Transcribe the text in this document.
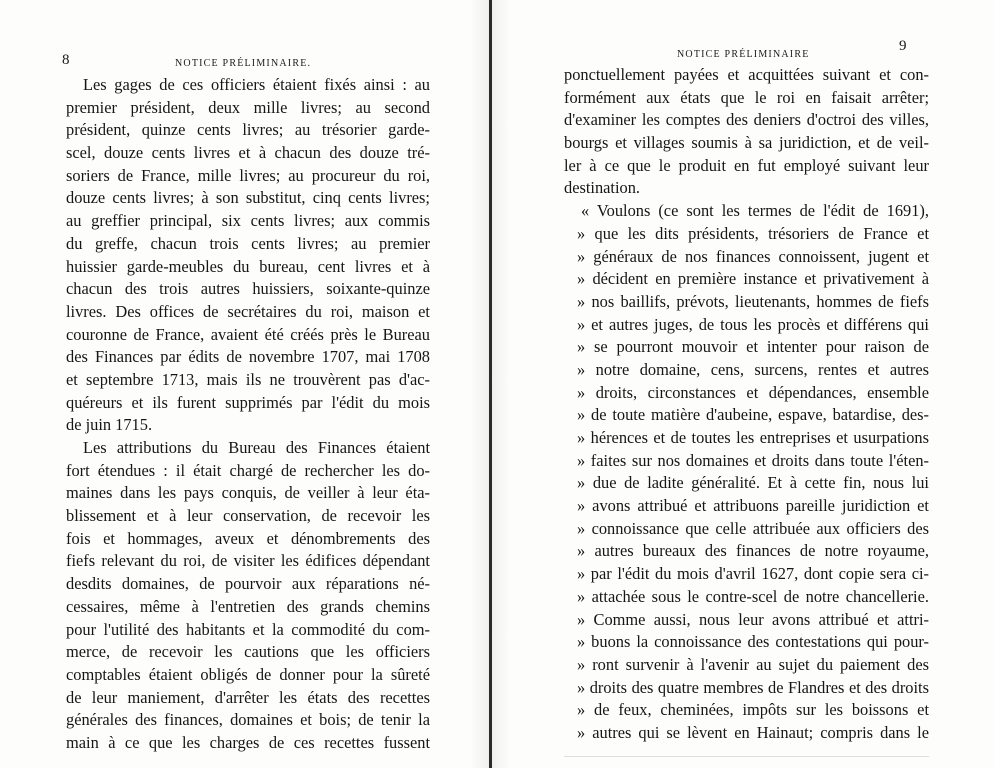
8	NOTICE PRÉLIMINAIRE.
Les gages de ces officiers étaient fixés ainsi : au
premier président, deux mille livres; au second
président, quinze cents livres; au trésorier garde-
scel, douze cents livres et à chacun des douze tré-
soriers de France, mille livres; au procureur du roi,
douze cents livres; à son substitut, cinq cents livres;
au greffier principal, six cents livres; aux commis
du greffe, chacun trois cents livres; au premier
huissier garde-meubles du bureau, cent livres et à
chacun des trois autres huissiers, soixante-quinze
livres. Des offices de secrétaires du roi, maison et
couronne de France, avaient été créés près le Bureau
des Finances par édits de novembre 1707, mai 1708
et septembre 1713, mais ils ne trouvèrent pas d'ac-
quéreurs et ils furent supprimés par l'édit du mois
de juin 1715.
Les attributions du Bureau des Finances étaient
fort étendues : il était chargé de rechercher les do-
maines dans les pays conquis, de veiller à leur éta-
blissement et à leur conservation, de recevoir les
fois et hommages, aveux et dénombrements des
fiefs relevant du roi, de visiter les édifices dépendant
desdits domaines, de pourvoir aux réparations né-
cessaires, même à l'entretien des grands chemins
pour l'utilité des habitants et la commodité du com-
merce, de recevoir les cautions que les officiers
comptables étaient obligés de donner pour la sûreté
de leur maniement, d'arrêter les états des recettes
générales des finances, domaines et bois; de tenir la
main à ce que les charges de ces recettes fussent
NOTICE PRÉLIMINAIRE
9
ponctuellement payées et acquittées suivant et con-
formément aux états que le roi en faisait arrêter;
d'examiner les comptes des deniers d'octroi des villes,
bourgs et villages soumis à sa juridiction, et de veil-
ler à ce que le produit en fut employé suivant leur
destination.
« Voulons (ce sont les termes de l'édit de 1691),
» que les dits présidents, trésoriers de France et
» généraux de nos finances connoissent, jugent et
» décident en première instance et privativement à
» nos baillifs, prévots, lieutenants, hommes de fiefs
» et autres juges, de tous les procès et différens qui
» se pourront mouvoir et intenter pour raison de
» notre domaine, cens, surcens, rentes et autres
» droits, circonstances et dépendances, ensemble
» de toute matière d'aubeine, espave, batardise, des-
» hérences et de toutes les entreprises et usurpations
» faites sur nos domaines et droits dans toute l'éten-
» due de ladite généralité. Et à cette fin, nous lui
» avons attribué et attribuons pareille juridiction et
» connoissance que celle attribuée aux officiers des
» autres bureaux des finances de notre royaume,
» par l'édit du mois d'avril 1627, dont copie sera ci-
» attachée sous le contre-scel de notre chancellerie.
» Comme aussi, nous leur avons attribué et attri-
» buons la connoissance des contestations qui pour-
» ront survenir à l'avenir au sujet du paiement des
» droits des quatre membres de Flandres et des droits
» de feux, cheminées, impôts sur les boissons et
» autres qui se lèvent en Hainaut; compris dans le
